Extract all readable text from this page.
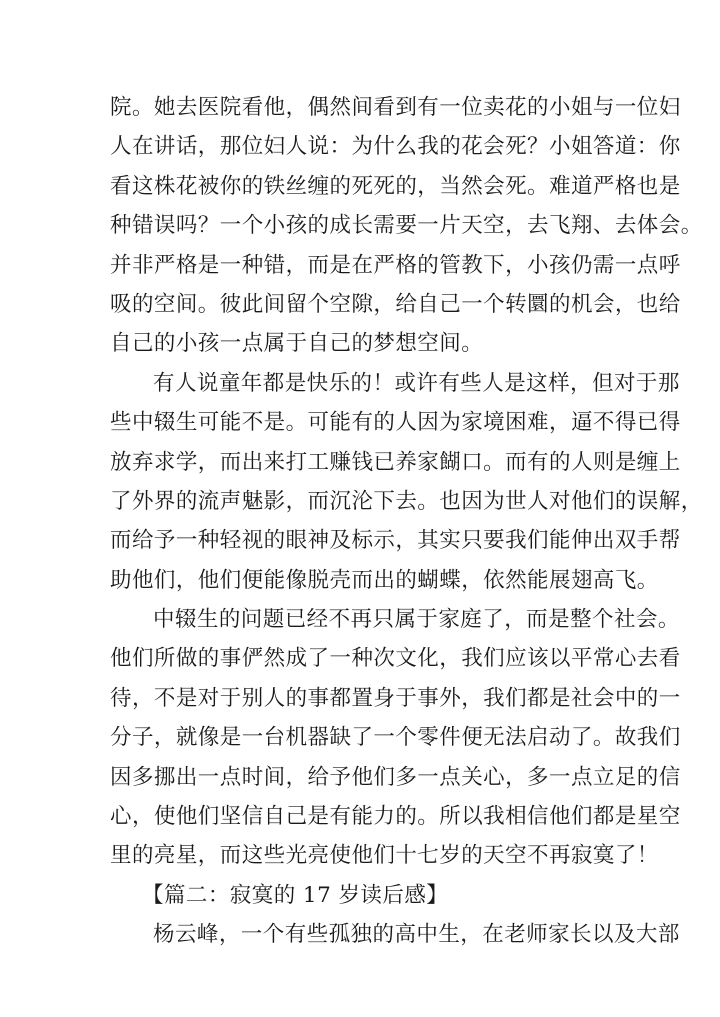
院。她去医院看他，偶然间看到有一位卖花的小姐与一位妇
人在讲话，那位妇人说：为什么我的花会死？小姐答道：你
看这株花被你的铁丝缠的死死的，当然会死。难道严格也是
种错误吗？一个小孩的成长需要一片天空，去飞翔、去体会。
并非严格是一种错，而是在严格的管教下，小孩仍需一点呼
吸的空间。彼此间留个空隙，给自己一个转圜的机会，也给
自己的小孩一点属于自己的梦想空间。
有人说童年都是快乐的！或许有些人是这样，但对于那
些中辍生可能不是。可能有的人因为家境困难，逼不得已得
放弃求学，而出来打工赚钱已养家餬口。而有的人则是缠上
了外界的流声魅影，而沉沦下去。也因为世人对他们的误解，
而给予一种轻视的眼神及标示，其实只要我们能伸出双手帮
助他们，他们便能像脱壳而出的蝴蝶，依然能展翅高飞。
中辍生的问题已经不再只属于家庭了，而是整个社会。
他们所做的事俨然成了一种次文化，我们应该以平常心去看
待，不是对于别人的事都置身于事外，我们都是社会中的一
分子，就像是一台机器缺了一个零件便无法启动了。故我们
因多挪出一点时间，给予他们多一点关心，多一点立足的信
心，使他们坚信自己是有能力的。所以我相信他们都是星空
里的亮星，而这些光亮使他们十七岁的天空不再寂寞了！
【篇二：寂寞的 17 岁读后感】
杨云峰，一个有些孤独的高中生，在老师家长以及大部
